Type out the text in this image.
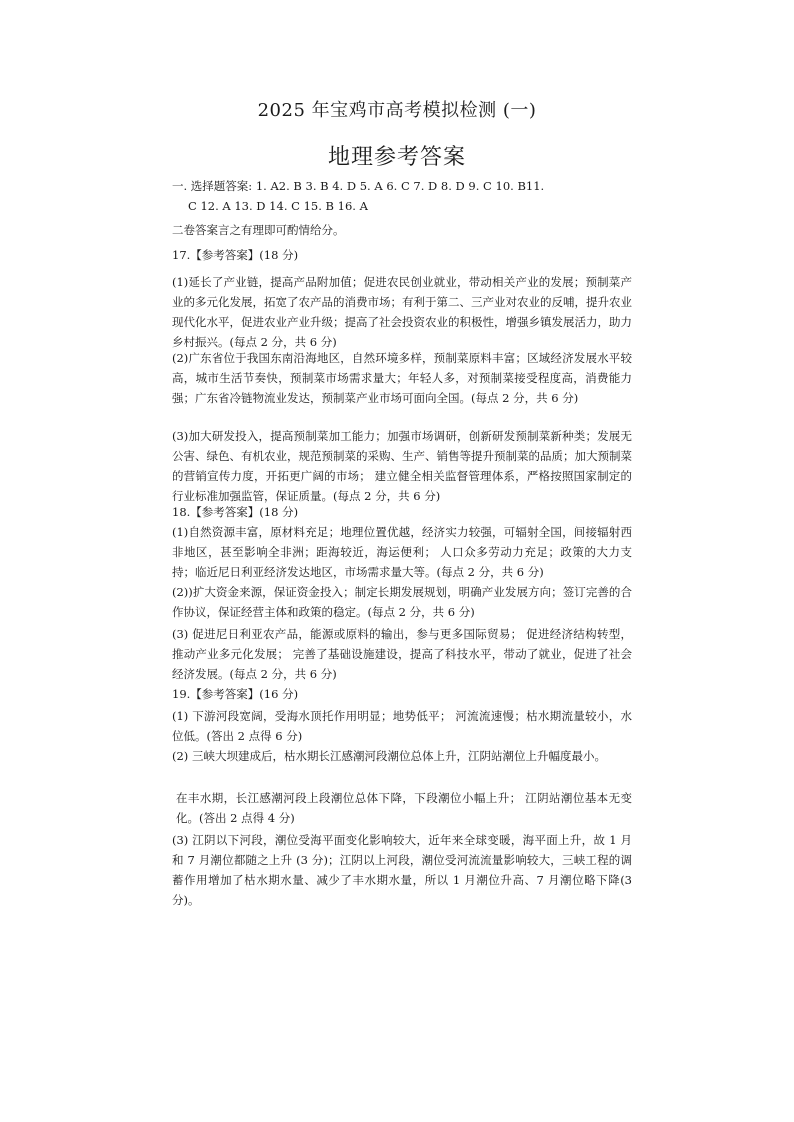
2025 年宝鸡市高考模拟检测 (一)
地理参考答案
一. 选择题答案: 1. A2. B 3. B 4. D 5. A 6. C 7. D 8. D 9. C 10. B11.
C 12. A 13. D 14. C 15. B 16. A
二卷答案言之有理即可酌情给分。
17.【参考答案】(18 分)
(1)延长了产业链，提高产品附加值；促进农民创业就业，带动相关产业的发展；预制菜产业的多元化发展，拓宽了农产品的消费市场；有利于第二、三产业对农业的反哺，提升农业现代化水平，促进农业产业升级；提高了社会投资农业的积极性，增强乡镇发展活力，助力乡村振兴。(每点 2 分，共 6 分)
(2)广东省位于我国东南沿海地区，自然环境多样，预制菜原料丰富；区域经济发展水平较高，城市生活节奏快，预制菜市场需求量大；年轻人多，对预制菜接受程度高，消费能力强；广东省冷链物流业发达，预制菜产业市场可面向全国。(每点 2 分，共 6 分)
(3)加大研发投入，提高预制菜加工能力；加强市场调研，创新研发预制菜新种类；发展无公害、绿色、有机农业，规范预制菜的采购、生产、销售等提升预制菜的品质；加大预制菜的营销宣传力度，开拓更广阔的市场； 建立健全相关监督管理体系，严格按照国家制定的行业标准加强监管，保证质量。(每点 2 分，共 6 分)
18.【参考答案】(18 分)
(1)自然资源丰富，原材料充足；地理位置优越，经济实力较强，可辐射全国，间接辐射西非地区，甚至影响全非洲；距海较近，海运便利； 人口众多劳动力充足；政策的大力支持；临近尼日利亚经济发达地区，市场需求量大等。(每点 2 分，共 6 分)
(2))扩大资金来源，保证资金投入；制定长期发展规划，明确产业发展方向；签订完善的合作协议，保证经营主体和政策的稳定。(每点 2 分，共 6 分)
(3) 促进尼日利亚农产品，能源或原料的输出，参与更多国际贸易； 促进经济结构转型，推动产业多元化发展； 完善了基础设施建设，提高了科技水平，带动了就业，促进了社会经济发展。(每点 2 分，共 6 分)
19.【参考答案】(16 分)
(1) 下游河段宽阔，受海水顶托作用明显；地势低平； 河流流速慢；枯水期流量较小，水位低。(答出 2 点得 6 分)
(2) 三峡大坝建成后，枯水期长江感潮河段潮位总体上升，江阴站潮位上升幅度最小。
在丰水期，长江感潮河段上段潮位总体下降，下段潮位小幅上升； 江阴站潮位基本无变化。(答出 2 点得 4 分)
(3) 江阴以下河段，潮位受海平面变化影响较大，近年来全球变暖，海平面上升，故 1 月和 7 月潮位都随之上升 (3 分)；江阴以上河段，潮位受河流流量影响较大，三峡工程的调蓄作用增加了枯水期水量、减少了丰水期水量，所以 1 月潮位升高、7 月潮位略下降(3 分)。
